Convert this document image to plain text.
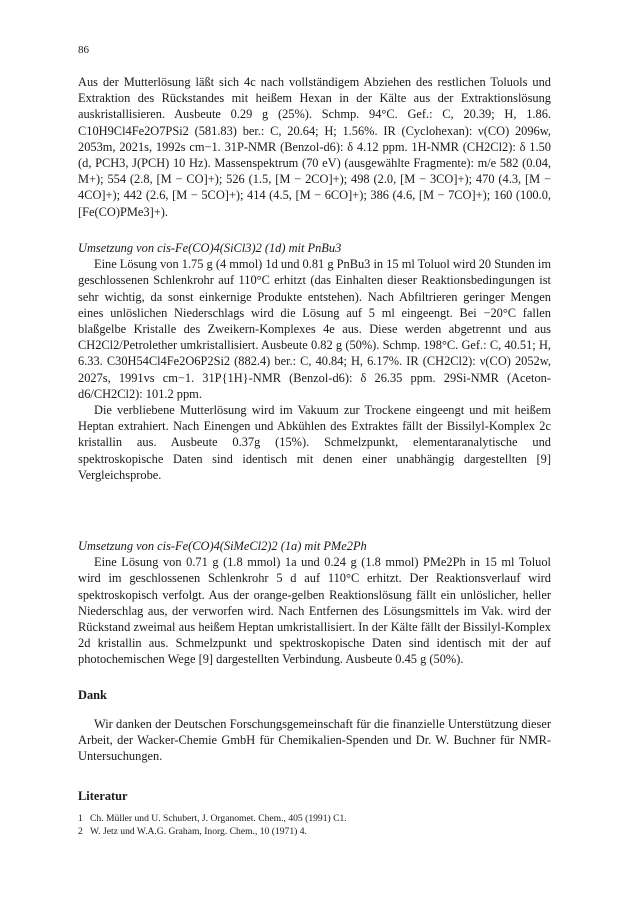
86

Aus der Mutterlösung läßt sich 4c nach vollständigem Abziehen des restlichen Toluols und Extraktion des Rückstandes mit heißem Hexan in der Kälte aus der Extraktionslösung auskristallisieren. Ausbeute 0.29 g (25%). Schmp. 94°C. Gef.: C, 20.39; H, 1.86. C10H9Cl4Fe2O7PSi2 (581.83) ber.: C, 20.64; H; 1.56%. IR (Cyclohexan): ν(CO) 2096w, 2053m, 2021s, 1992s cm−1. 31P-NMR (Benzol-d6): δ 4.12 ppm. 1H-NMR (CH2Cl2): δ 1.50 (d, PCH3, J(PCH) 10 Hz). Massenspektrum (70 eV) (ausgewählte Fragmente): m/e 582 (0.04, M+); 554 (2.8, [M − CO]+); 526 (1.5, [M − 2CO]+); 498 (2.0, [M − 3CO]+); 470 (4.3, [M − 4CO]+); 442 (2.6, [M − 5CO]+); 414 (4.5, [M − 6CO]+); 386 (4.6, [M − 7CO]+); 160 (100.0, [Fe(CO)PMe3]+).

Umsetzung von cis-Fe(CO)4(SiCl3)2 (1d) mit PnBu3

Eine Lösung von 1.75 g (4 mmol) 1d und 0.81 g PnBu3 in 15 ml Toluol wird 20 Stunden im geschlossenen Schlenkrohr auf 110°C erhitzt (das Einhalten dieser Reaktionsbedingungen ist sehr wichtig, da sonst einkernige Produkte entstehen). Nach Abfiltrieren geringer Mengen eines unlöslichen Niederschlags wird die Lösung auf 5 ml eingeengt. Bei −20°C fallen blaßgelbe Kristalle des Zweikern-Komplexes 4e aus. Diese werden abgetrennt und aus CH2Cl2/Petrolether umkristallisiert. Ausbeute 0.82 g (50%). Schmp. 198°C. Gef.: C, 40.51; H, 6.33. C30H54Cl4Fe2O6P2Si2 (882.4) ber.: C, 40.84; H, 6.17%. IR (CH2Cl2): ν(CO) 2052w, 2027s, 1991vs cm−1. 31P{1H}-NMR (Benzol-d6): δ 26.35 ppm. 29Si-NMR (Aceton-d6/CH2Cl2): 101.2 ppm.

Die verbliebene Mutterlösung wird im Vakuum zur Trockene eingeengt und mit heißem Heptan extrahiert. Nach Einengen und Abkühlen des Extraktes fällt der Bissilyl-Komplex 2c kristallin aus. Ausbeute 0.37g (15%). Schmelzpunkt, elementaranalytische und spektroskopische Daten sind identisch mit denen einer unabhängig dargestellten [9] Vergleichsprobe.

Umsetzung von cis-Fe(CO)4(SiMeCl2)2 (1a) mit PMe2Ph

Eine Lösung von 0.71 g (1.8 mmol) 1a und 0.24 g (1.8 mmol) PMe2Ph in 15 ml Toluol wird im geschlossenen Schlenkrohr 5 d auf 110°C erhitzt. Der Reaktionsverlauf wird spektroskopisch verfolgt. Aus der orange-gelben Reaktionslösung fällt ein unlöslicher, heller Niederschlag aus, der verworfen wird. Nach Entfernen des Lösungsmittels im Vak. wird der Rückstand zweimal aus heißem Heptan umkristallisiert. In der Kälte fällt der Bissilyl-Komplex 2d kristallin aus. Schmelzpunkt und spektroskopische Daten sind identisch mit der auf photochemischen Wege [9] dargestellten Verbindung. Ausbeute 0.45 g (50%).

Dank

Wir danken der Deutschen Forschungsgemeinschaft für die finanzielle Unterstützung dieser Arbeit, der Wacker-Chemie GmbH für Chemikalien-Spenden und Dr. W. Buchner für NMR-Untersuchungen.

Literatur
1 Ch. Müller und U. Schubert, J. Organomet. Chem., 405 (1991) C1.
2 W. Jetz und W.A.G. Graham, Inorg. Chem., 10 (1971) 4.
